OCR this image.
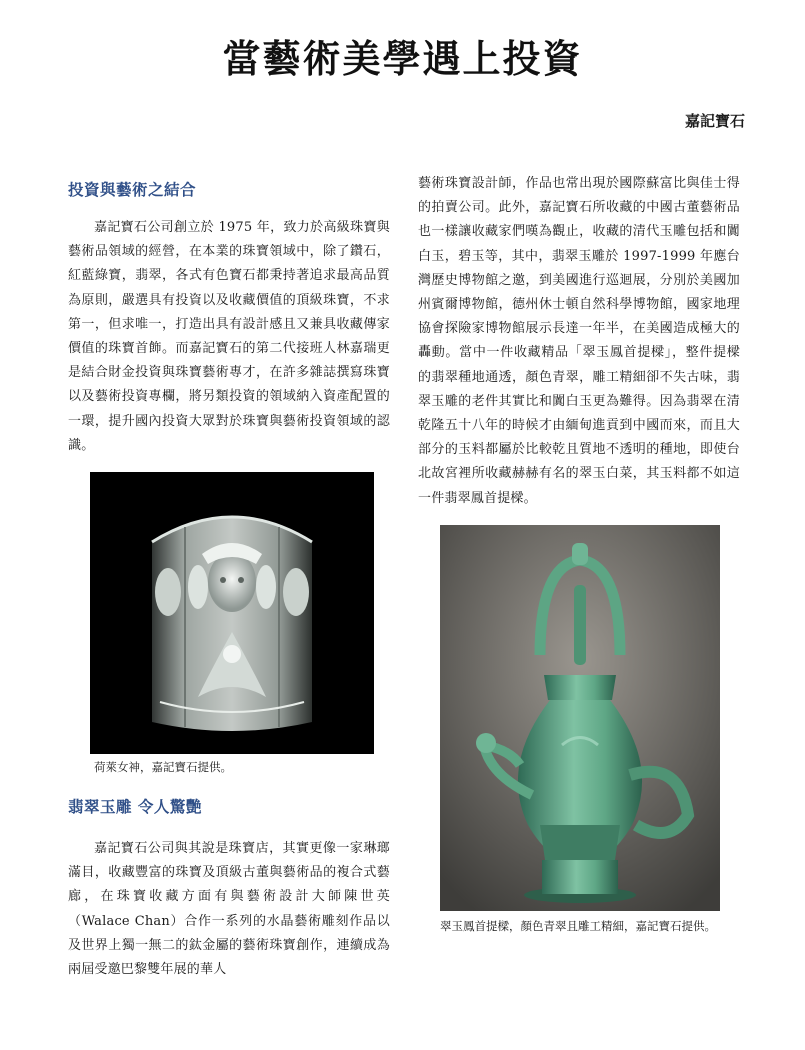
當藝術美學遇上投資
嘉記寶石
投資與藝術之結合

嘉記寶石公司創立於 1975 年，致力於高級珠寶與藝術品領域的經營，在本業的珠寶領域中，除了鑽石，紅藍綠寶，翡翠，各式有色寶石都秉持著追求最高品質為原則，嚴選具有投資以及收藏價值的頂級珠寶，不求第一，但求唯一，打造出具有設計感且又兼具收藏傳家價值的珠寶首飾。而嘉記寶石的第二代接班人林嘉瑞更是結合財金投資與珠寶藝術專才，在許多雜誌撰寫珠寶以及藝術投資專欄，將另類投資的領域納入資產配置的一環，提升國內投資大眾對於珠寶與藝術投資領域的認識。

荷萊女神，嘉記寶石提供。
翡翠玉雕 令人驚艷

嘉記寶石公司與其說是珠寶店，其實更像一家琳瑯滿目，收藏豐富的珠寶及頂級古董與藝術品的複合式藝廊，在珠寶收藏方面有與藝術設計大師陳世英（Walace Chan）合作一系列的水晶藝術雕刻作品以及世界上獨一無二的鈦金屬的藝術珠寶創作，連續成為兩屆受邀巴黎雙年展的華人

藝術珠寶設計師，作品也常出現於國際蘇富比與佳士得的拍賣公司。此外，嘉記寶石所收藏的中國古董藝術品也一樣讓收藏家們嘆為觀止，收藏的清代玉雕包括和闐白玉，碧玉等，其中，翡翠玉雕於 1997-1999 年應台灣歷史博物館之邀，到美國進行巡迴展，分別於美國加州賓爾博物館，德州休士頓自然科學博物館，國家地理協會探險家博物館展示長達一年半，在美國造成極大的轟動。當中一件收藏精品「翠玉鳳首提樑」，整件提樑的翡翠種地通透，顏色青翠，雕工精細卻不失古味，翡翠玉雕的老件其實比和闐白玉更為難得。因為翡翠在清乾隆五十八年的時候才由緬甸進貢到中國而來，而且大部分的玉料都屬於比較乾且質地不透明的種地，即使台北故宮裡所收藏赫赫有名的翠玉白菜，其玉料都不如這一件翡翠鳳首提樑。

翠玉鳳首提樑，顏色青翠且雕工精細，嘉記寶石提供。
